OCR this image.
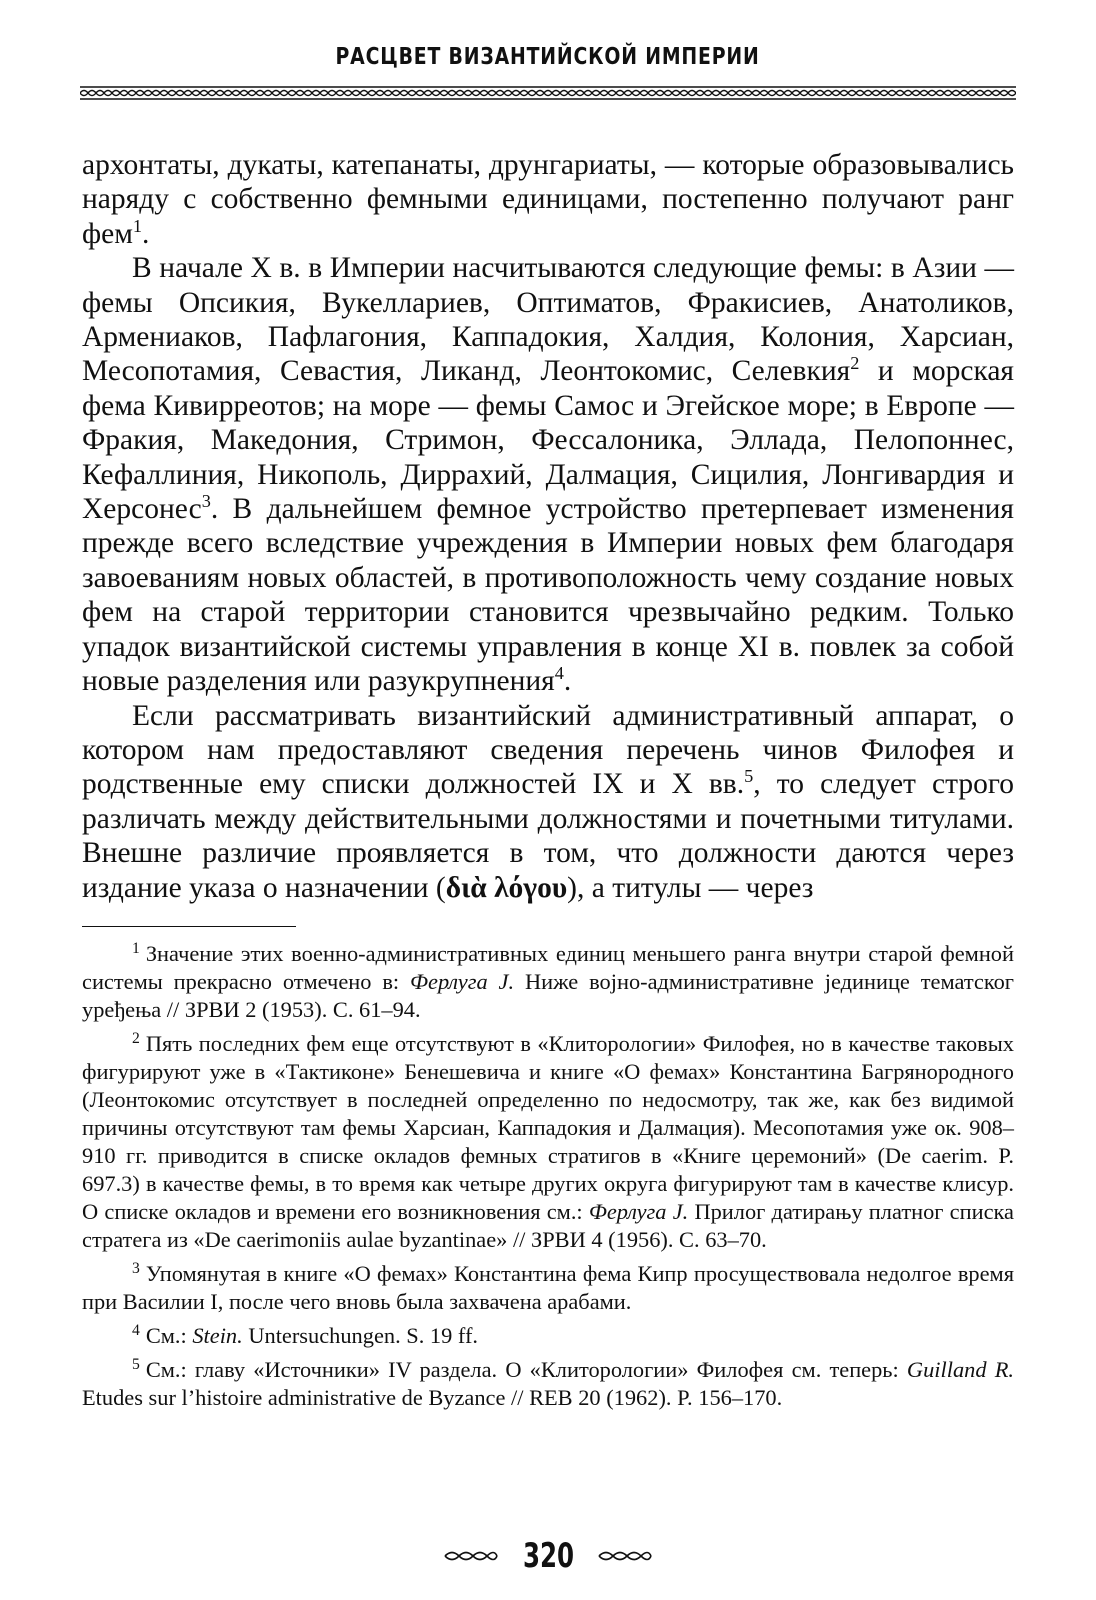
РАСЦВЕТ ВИЗАНТИЙСКОЙ ИМПЕРИИ

архонтаты, дукаты, катепанаты, друнгариаты, — которые образовывались наряду с собственно фемными единицами, постепенно получают ранг фем$^1$.

В начале X в. в Империи насчитываются следующие фемы: в Азии — фемы Опсикия, Вукеллариев, Оптиматов, Фракисиев, Анатоликов, Армениаков, Пафлагония, Каппадокия, Халдия, Колония, Харсиан, Месопотамия, Севастия, Ликанд, Леонтокомис, Селевкия$^2$ и морская фема Кивирреотов; на море — фемы Самос и Эгейское море; в Европе — Фракия, Македония, Стримон, Фессалоника, Эллада, Пелопоннес, Кефаллиния, Никополь, Диррахий, Далмация, Сицилия, Лонгивардия и Херсонес$^3$. В дальнейшем фемное устройство претерпевает изменения прежде всего вследствие учреждения в Империи новых фем благодаря завоеваниям новых областей, в противоположность чему создание новых фем на старой территории становится чрезвычайно редким. Только упадок византийской системы управления в конце XI в. повлек за собой новые разделения или разукрупнения$^4$.

Если рассматривать византийский административный аппарат, о котором нам предоставляют сведения перечень чинов Филофея и родственные ему списки должностей IX и X вв.$^5$, то следует строго различать между действительными должностями и почетными титулами. Внешне различие проявляется в том, что должности даются через издание указа о назначении (διὰ λόγου), а титулы — через

$^1$ Значение этих военно-административных единиц меньшего ранга внутри старой фемной системы прекрасно отмечено в: Ферлуга Ј. Ниже војно-административне јединице тематског уређења // ЗРВИ 2 (1953). С. 61–94.

$^2$ Пять последних фем еще отсутствуют в «Клиторологии» Филофея, но в качестве таковых фигурируют уже в «Тактиконе» Бенешевича и книге «О фемах» Константина Багрянородного (Леонтокомис отсутствует в последней определенно по недосмотру, так же, как без видимой причины отсутствуют там фемы Харсиан, Каппадокия и Далмация). Месопотамия уже ок. 908–910 гг. приводится в списке окладов фемных стратигов в «Книге церемоний» (De caerim. P. 697.3) в качестве фемы, в то время как четыре других округа фигурируют там в качестве клисур. О списке окладов и времени его возникновения см.: Ферлуга Ј. Прилог датирању платног списка стратега из «De caerimoniis aulae byzantinae» // ЗРВИ 4 (1956). С. 63–70.

$^3$ Упомянутая в книге «О фемах» Константина фема Кипр просуществовала недолгое время при Василии I, после чего вновь была захвачена арабами.

$^4$ См.: Stein. Untersuchungen. S. 19 ff.

$^5$ См.: главу «Источники» IV раздела. О «Клиторологии» Филофея см. теперь: Guilland R. Etudes sur l’histoire administrative de Byzance // REB 20 (1962). P. 156–170.

320
